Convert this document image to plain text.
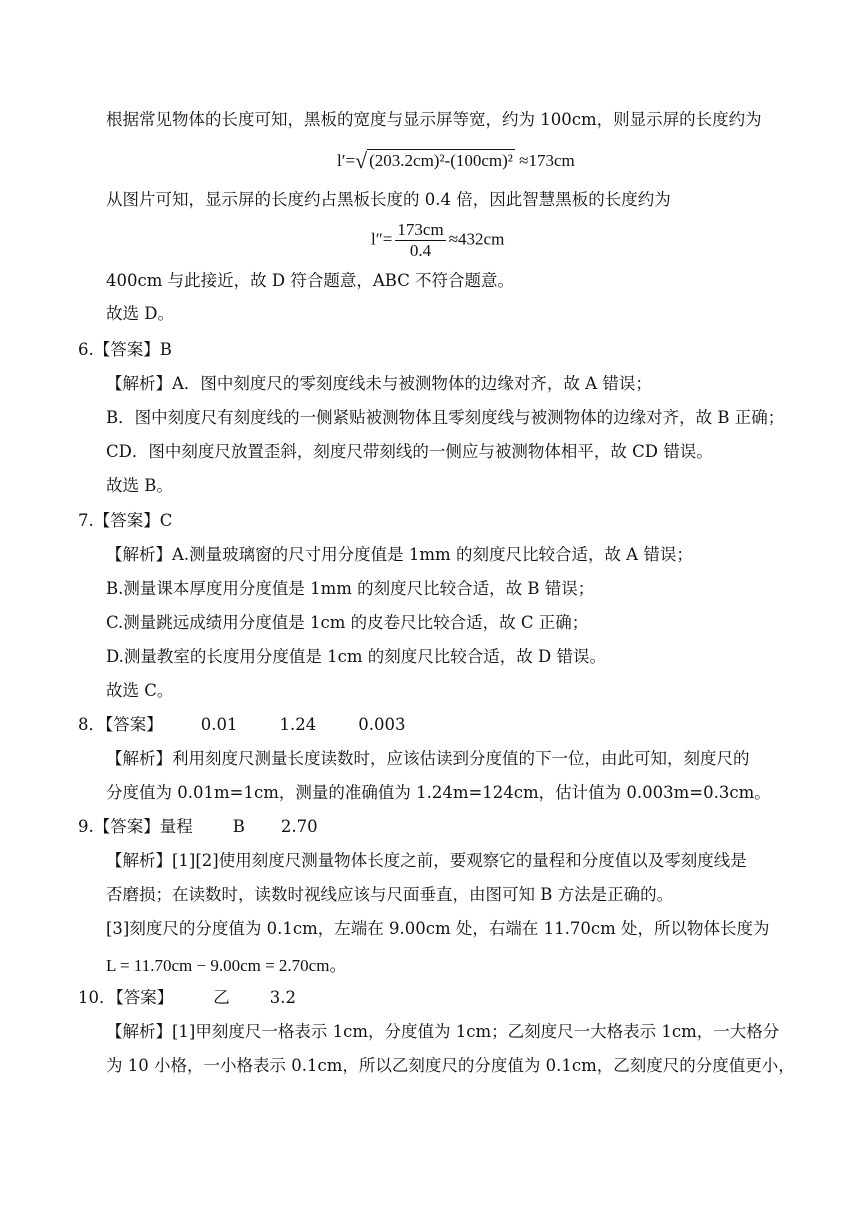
根据常见物体的长度可知，黑板的宽度与显示屏等宽，约为 100cm，则显示屏的长度约为
l′=√ (203.2cm)²-(100cm)² ≈173cm
从图片可知，显示屏的长度约占黑板长度的 0.4 倍，因此智慧黑板的长度约为
$l''= \frac{173cm}{0.4} \approx 432cm$
400cm 与此接近，故 D 符合题意，ABC 不符合题意。
故选 D。
6.【答案】B
【解析】A．图中刻度尺的零刻度线未与被测物体的边缘对齐，故 A 错误；
B．图中刻度尺有刻度线的一侧紧贴被测物体且零刻度线与被测物体的边缘对齐，故 B 正确；
CD．图中刻度尺放置歪斜，刻度尺带刻线的一侧应与被测物体相平，故 CD 错误。
故选 B。
7.【答案】C
【解析】A.测量玻璃窗的尺寸用分度值是 1mm 的刻度尺比较合适，故 A 错误；
B.测量课本厚度用分度值是 1mm 的刻度尺比较合适，故 B 错误；
C.测量跳远成绩用分度值是 1cm 的皮卷尺比较合适，故 C 正确；
D.测量教室的长度用分度值是 1cm 的刻度尺比较合适，故 D 错误。
故选 C。
8．【答案】 0.01	1.24	0.003
【解析】利用刻度尺测量长度读数时，应该估读到分度值的下一位，由此可知，刻度尺的
分度值为 0.01m=1cm，测量的准确值为 1.24m=124cm，估计值为 0.003m=0.3cm。
9.【答案】量程 B 2.70
【解析】[1][2]使用刻度尺测量物体长度之前，要观察它的量程和分度值以及零刻度线是
否磨损；在读数时，读数时视线应该与尺面垂直，由图可知 B 方法是正确的。
[3]刻度尺的分度值为 0.1cm，左端在 9.00cm 处，右端在 11.70cm 处，所以物体长度为
L = 11.70cm − 9.00cm = 2.70cm。
10．【答案】 乙 3.2
【解析】[1]甲刻度尺一格表示 1cm，分度值为 1cm；乙刻度尺一大格表示 1cm，一大格分
为 10 小格，一小格表示 0.1cm，所以乙刻度尺的分度值为 0.1cm，乙刻度尺的分度值更小，
